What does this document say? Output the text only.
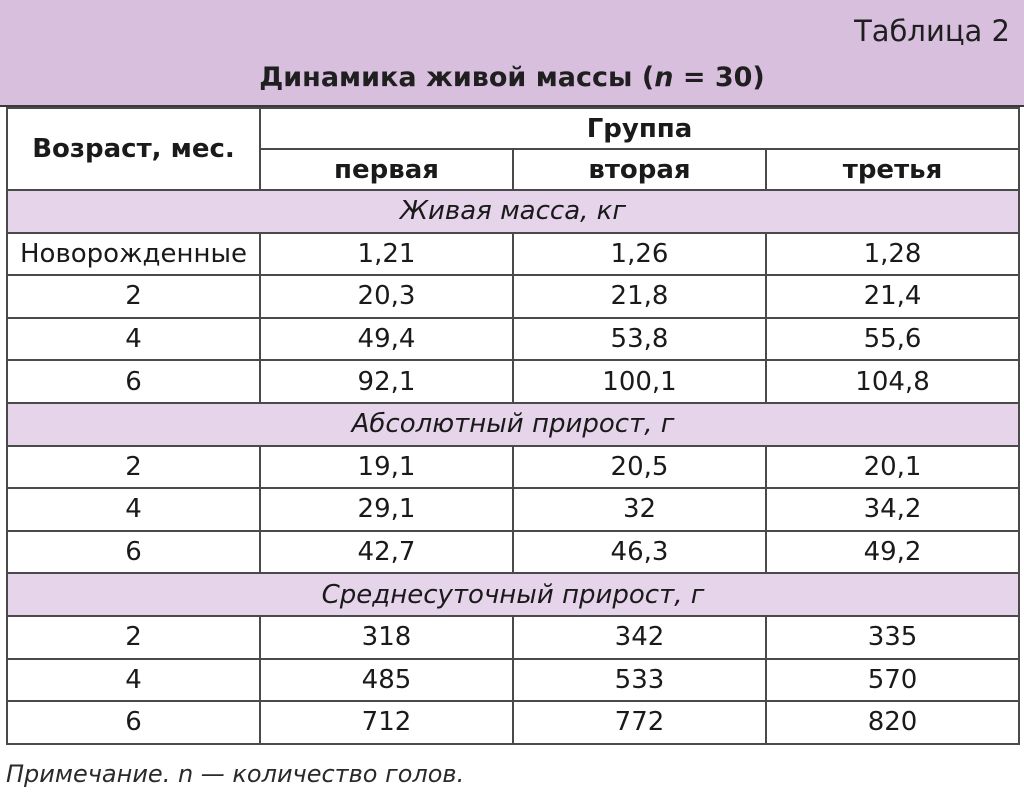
Таблица 2
Динамика живой массы (n = 30)
Возраст, мес.	Группа		
	первая	вторая	третья
Живая масса, кг			
Новорожденные	1,21	1,26	1,28
2	20,3	21,8	21,4
4	49,4	53,8	55,6
6	92,1	100,1	104,8
Абсолютный прирост, г			
2	19,1	20,5	20,1
4	29,1	32	34,2
6	42,7	46,3	49,2
Среднесуточный прирост, г			
2	318	342	335
4	485	533	570
6	712	772	820
Примечание. n — количество голов.
